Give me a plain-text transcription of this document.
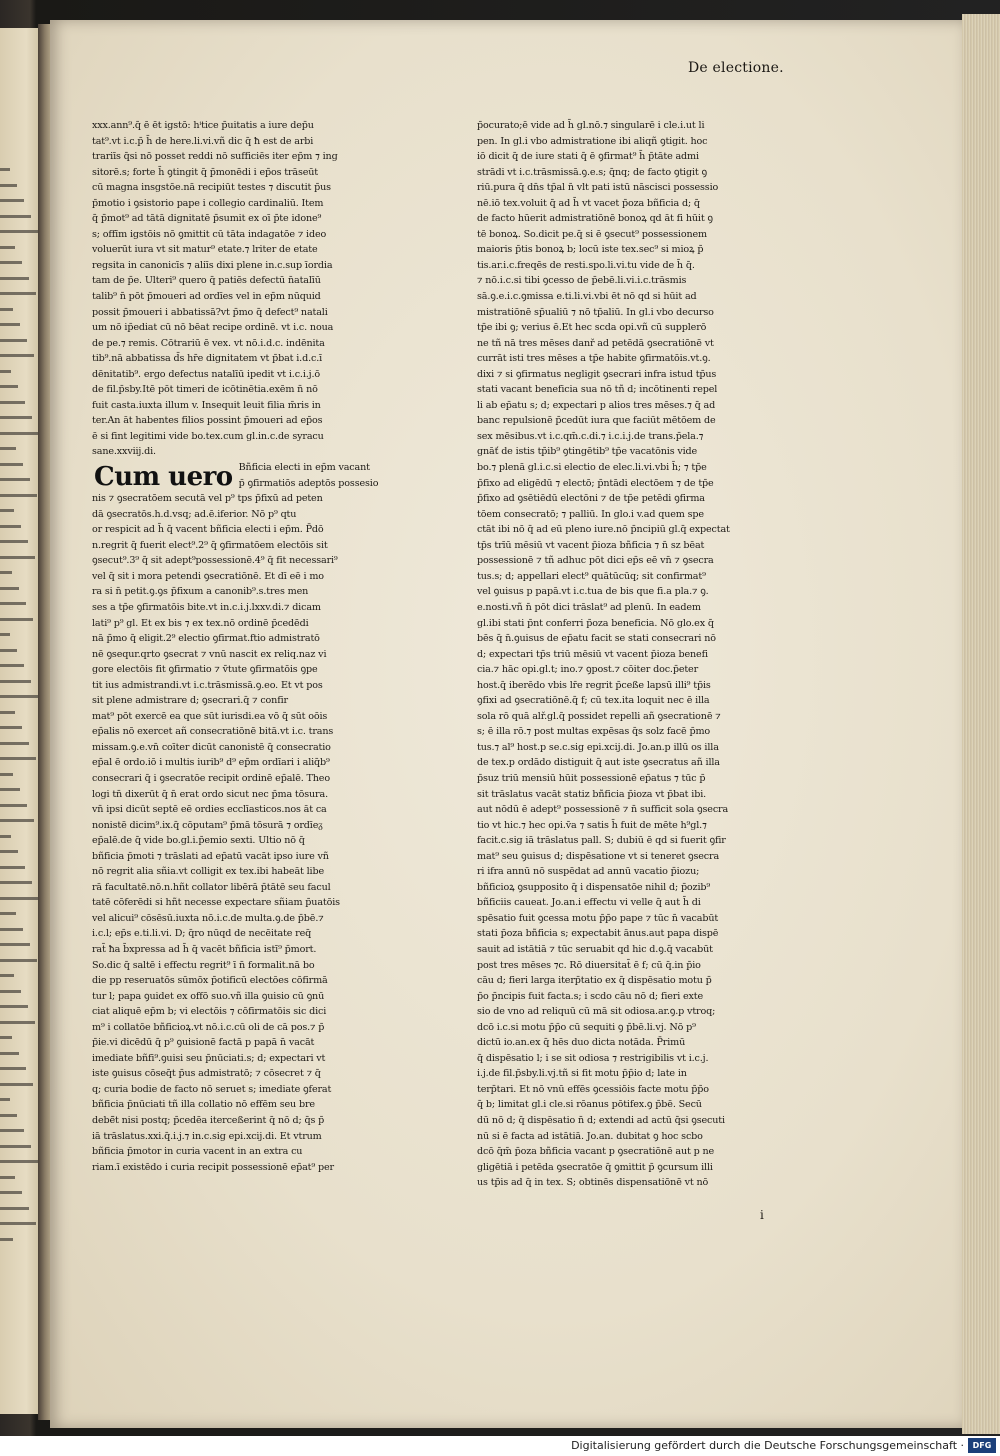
De electione.
xxx.ann⁹.q̄ ē ēt igstō: hⁱtice p̄uitatis a iure dep̄u
tat⁹.vt i.c.p̄ h̄ de here.li.vi.vñ dic q̄ ħ est de arbi
trariīs q̄si nō posset reddi nō sufficiēs iter ep̄m ⁊ ing
sitorē.s; forte h̄ ꝯtingit q̄ p̄monēdi i ep̄os trāseūt
cū magna insgstōe.nā recipiūt testes ⁊ discutit p̄us
p̄motio i ꝯsistorio pape i collegio cardinaliū. Item
q̄ p̄mot⁹ ad tātā dignitatē p̄sumit ex oī p̄te idone⁹
s; offīm igstōis nō ꝯmittit cū tāta indagatōe ⁊ ideo
voluerūt iura vt sit matur⁹ etate.⁊ lriter de etate
regsita in canonicīs ⁊ aliīs dixi plene in.c.sup īordia
tam de p̄e. Ulteri⁹ quero q̄ patiēs defectū n̄atalīū
talib⁹ n̄ pōt p̄moueri ad ordīes vel in ep̄m nūquid
possit p̄moueri i abbatissā?vt p̄mo q̄ defect⁹ natali
um nō ip̄ediat cū nō bēat recipe ordinē. vt i.c. noua
de pe.⁊ remis. Cōtrariū ē vex. vt nō.i.d.c. indēnita
tib⁹.nā abbatissa d̄s hr̄e dignitatem vt p̄bat i.d.c.ī
dēnitatib⁹. ergo defectus natalīū ipedit vt i.c.i.j.ō
de fil.p̄sby.Itē pōt timeri de icōtinētia.exēm n̄ nō
fuit casta.iuxta illum v. Insequit leuit filia m̄ris in
ter.An āt habentes filios possint p̄moueri ad ep̄os
ē si fint legitimi vide bo.tex.cum gl.in.c.de syracu
sane.xxviij.di.
Cum uero Bñficia electi in ep̄m vacant
p̄ ꝯfirmatiōs adeptōs possesio
nis ⁊ ꝯsecratōem secutā vel p⁹ tps p̄fixū ad peten
dā ꝯsecratōs.h.d.vsq; ad.ē.iferior. Nō p⁹ qtu
or respicit ad h̄ q̄ vacent bñficia electi i ep̄m. P̄dō
n.regrit q̄ fuerit elect⁹.2⁹ q̄ ꝯfirmatōem electōis sit
ꝯsecut⁹.3⁹ q̄ sit adept⁹possessionē.4⁹ q̄ fit necessari⁹
vel q̄ sit i mora petendi ꝯsecratiōnē. Et dī eē i mo
ra si n̄ petit.ꝯ.ꝯs p̄fixum a canonib⁹.s.tres men
ses a tp̄e ꝯfirmatōis bite.vt in.c.i.j.lxxv.di.⁊ dicam
lati⁹ p⁹ gl. Et ex bis ⁊ ex tex.nō ordinē p̄cedēdi
nā p̄mo q̄ eligit.2⁹ electio ꝯfirmat.ftio admistratō
nē ꝯsequr.qrto ꝯsecrat ⁊ vnū nascit ex reliq.naz vi
gore electōis fit ꝯfirmatio ⁊ v̄tute ꝯfirmatōis ꝯpe
tit ius admistrandi.vt i.c.trāsmissā.ꝯ.eo. Et vt pos
sit plene admistrare d; ꝯsecrari.q̄ ⁊ confir
mat⁹ pōt exercē ea que sūt iurisdi.ea vō q̄ sūt oōis
ep̄alis nō exercet añ consecratiōnē bitā.vt i.c. trans
missam.ꝯ.e.vn̄ coīter dicūt canonistē q̄ consecratio
ep̄al ē ordo.iō i multis iurib⁹ d⁹ ep̄m ordīari i aliq̄b⁹
consecrari q̄ i ꝯsecratōe recipit ordinē ep̄alē. Theo
logi tn̄ dixerūt q̄ n̄ erat ordo sicut nec p̄ma tōsura.
vn̄ ipsi dicūt septē eē ordies ecclīasticos.nos āt ca
nonistē dicim⁹.ix.q̄ cōputam⁹ p̄mā tōsurā ⁊ ordīeᵹ
ep̄alē.de q̄ vide bo.gl.i.p̄emio sexti. Ultio nō q̄
bñficia p̄moti ⁊ trāslati ad ep̄atū vacāt ipso iure vñ
nō regrit alia sñia.vt colligit ex tex.ibi habeāt libe
rā facultatē.nō.n.hñt collator libērā p̄tātē seu facul
tatē cōferēdi si hñt necesse expectare sñiam p̄uatōis
vel alicui⁹ cōsēsū.iuxta nō.i.c.de multa.ꝯ.de p̄bē.⁊
i.c.l; ep̄s e.ti.li.vi. D; q̄ro nūqd de necēitate req̄
rat̄ ħa b̄xpressa ad h̄ q̄ vacēt bñficia istī⁹ p̄mort.
So.dic q̄ saltē i effectu regrit⁹ ī n̄ formalit.nā bo
die pp reseruatōs sūmōx p̄otificū electōes cōfirmā
tur l; papa ꝯuidet ex offō suo.vñ illa ꝯuisio cū ꝯnū
ciat aliquē ep̄m b; vi electōis ⁊ cōfirmatōis sic dici
m⁹ i collatōe bñficioꝝ.vt nō.i.c.cū oli de cā pos.⁊ p̄
p̄ie.vi dicēdū q̄ p⁹ ꝯuisionē factā p papā n̄ vacāt
imediate bñfi⁹.ꝯuisi seu p̄nūciati.s; d; expectari vt
iste ꝯuisus cōseq̄t p̄us admistratō; ⁊ cōsecret ⁊ q̄
q; curia bodie de facto nō seruet s; imediate ꝯferat
bñficia p̄nūciati tñ illa collatio nō effēm seu bre
debē̄t nisi postq; p̄cedēa iterceßerint q̄ nō d; q̄s p̄
iā trāslatus.xxi.q̄.i.j.⁊ in.c.sig epi.xcij.di. Et vtrum
bñficia p̄motor in curia vacent in an extra cu
riam.ī existēdo i curia recipit possessionē ep̄at⁹ per
p̄ocurato;ē vide ad h̄ gl.nō.⁊ singularē i cle.i.ut li
pen. In gl.i vbo admistratione ibi aliqñ ꝯtigit. hoc
iō dicit q̄ de iure stati q̄ ē ꝯfirmat⁹ h̄ p̄tāte admi
strādi vt i.c.trāsmissā.ꝯ.e.s; q̄nq; de facto ꝯtigit ꝯ
riū.pura q̄ dn̄s tp̄al n̄ vlt pati istū nāscisci possessio
nē.iō tex.voluit q̄ ad h̄ vt vacet p̄oza bñficia d; q̄
de facto hūerit admistratiōnē bonoꝝ qd āt fi hūit ꝯ
tē bonoꝝ. So.dicit pe.q̄ si ē ꝯsecut⁹ possessionem
maioris p̄tis bonoꝝ b; locū iste tex.sec⁹ si mioꝝ p̄
tis.ar.i.c.freqēs de resti.spo.li.vi.tu vide de h̄ q̄.
⁊ nō.i.c.si tibi ꝯcesso de p̄ebē.li.vi.i.c.trāsmis
sā.ꝯ.e.i.c.ꝯmissa e.ti.li.vi.vbi ēt nō qd si hūit ad
mistratiōnē sp̄ualiū ⁊ nō tp̄aliū. In gl.i vbo decurso
tp̄e ibi ꝯ; verius ē.Et hec scda opi.vñ cū supplerō
ne tñ nā tres mēses danř ad petēdā ꝯsecratiōnē vt
currāt isti tres mēses a tp̄e habite ꝯfirmatōis.vt.ꝯ.
dixi ⁊ si ꝯfirmatus negligit ꝯsecrari infra istud tp̄us
stati vacant beneficia sua nō tñ d; incōtinenti repel
li ab ep̄atu s; d; expectari p alios tres mēses.⁊ q̄ ad
banc repulsionē p̄cedūt iura que faciūt mētōem de
sex mēsibus.vt i.c.qm̄.c.di.⁊ i.c.i.j.de trans.p̄ela.⁊
gnāť de istis tp̄ib⁹ ꝯtingētib⁹ tp̄e vacatōnis vide
bo.⁊ plenā gl.i.c.si electio de elec.li.vi.vbi h̄; ⁊ tp̄e
p̄fixo ad eligēdū ⁊ electō; p̄ntādi electōem ⁊ de tp̄e
p̄fixo ad ꝯsētiēdū electōni ⁊ de tp̄e petēdi ꝯfirma
tōem consecratō; ⁊ palliū. In glo.i v.ad quem spe
ctāt ibi nō q̄ ad eū pleno iure.nō p̄ncipiū gl.q̄ expectat
tp̄s trīū mēsiū vt vacent p̄ioza bñficia ⁊ n̄ sz bēat
possessionē ⁊ tñ adhuc pōt dici ep̄s eē vn̄ ⁊ ꝯsecra
tus.s; d; appellari elect⁹ quātūcūq; sit confirmat⁹
vel ꝯuisus p papā.vt i.c.tua de bis que fi.a pla.⁊ ꝯ.
e.nosti.vñ n̄ pōt dici trāslat⁹ ad plenū. In eadem
gl.ibi stati p̄nt conferri p̄oza beneficia. Nō glo.ex q̄
bēs q̄ n̄.ꝯuisus de ep̄atu facit se stati consecrari nō
d; expectari tp̄s triū mēsiū vt vacent p̄ioza benefi
cia.⁊ hāc opi.gl.t; ino.⁊ ꝯpost.⁊ cōiter doc.p̄eter
host.q̄ iberēdo vbis lr̄e regrit p̄ceße lapsū illi⁹ tp̄is
ꝯfixi ad ꝯsecratiōnē.q̄ f; cū tex.ita loquit nec ē illa
sola rō quā alř.gl.q̄ possidet repelli añ ꝯsecrationē ⁊
s; ē illa rō.⁊ post multas expēsas q̄s solz facē p̄mo
tus.⁊ al⁹ host.p se.c.sig epi.xcij.di. Jo.an.p illū os illa
de tex.p ordādo distiguit q̄ aut iste ꝯsecratus añ illa
p̄suz triū mensiū hūit possessionē ep̄atus ⁊ tūc p̄
sit trāslatus vacāt statiz bñficia p̄ioza vt p̄bat ibi.
aut nōdū ē adept⁹ possessionē ⁊ n̄ sufficit sola ꝯsecra
tio vt hic.⁊ hec opi.v̄a ⁊ satis h̄ fuit de mēte h⁹gl.⁊
facit.c.sig iā trāslatus pall. S; dubiū ē qd si fuerit ꝯfir
mat⁹ seu ꝯuisus d; dispēsatione vt si teneret ꝯsecra
ri ifra annū nō suspēdat ad annū vacatio p̄iozu;
bñficioꝝ ꝯsupposito q̄ i dispensatōe nihil d; p̄ozib⁹
bñficiis caueat. Jo.an.i effectu vi velle q̄ aut h̄ di
spēsatio fuit ꝯcessa motu p̄p̄o pape ⁊ tūc n̄ vacabūt
stati p̄oza bñficia s; expectabit ānus.aut papa dispē
sauit ad istātiā ⁊ tūc seruabit qd hic d.ꝯ.q̄ vacabūt
post tres mēses ⁊c. Rō diuersitat̄ ē f; cū q̄.in p̄io
cāu d; fieri larga iterp̄tatio ex q̄ dispēsatio motu p̄
p̄o p̄ncipis fuit facta.s; i scdo cāu nō d; fieri exte
sio de vno ad reliquū cū mā sit odiosa.ar.ꝯ.p vtroq;
dcō i.c.si motu p̄p̄o cū sequiti ꝯ p̄bē.li.vj. Nō p⁹
dictū io.an.ex q̄ hēs duo dicta notāda. P̄rimū
q̄ dispēsatio l; i se sit odiosa ⁊ restrigibilis vt i.c.j.
i.j.de fil.p̄sby.li.vj.tñ si fit motu p̄p̄io d; late in
terp̄tari. Et nō vnū effēs ꝯcessiōis facte motu p̄p̄o
q̄ b; limitat gl.i cle.si rōanus pōtifex.ꝯ p̄bē. Secū
dū nō d; q̄ dispēsatio n̄ d; extendi ad actū q̄si ꝯsecuti
nū si ē facta ad istātiā. Jo.an. dubitat ꝯ hoc scbo
dcō q̄m̄ p̄oza bñficia vacant p ꝯsecratiōnē aut p ne
gligētiā i petēda ꝯsecratōe q̄ ꝯmittit p̄ ꝯcursum illi
us tp̄is ad q̄ in tex. S; obtinēs dispensatiōnē vt nō
i
Digitalisierung gefördert durch die Deutsche Forschungsgemeinschaft ·	DFG
